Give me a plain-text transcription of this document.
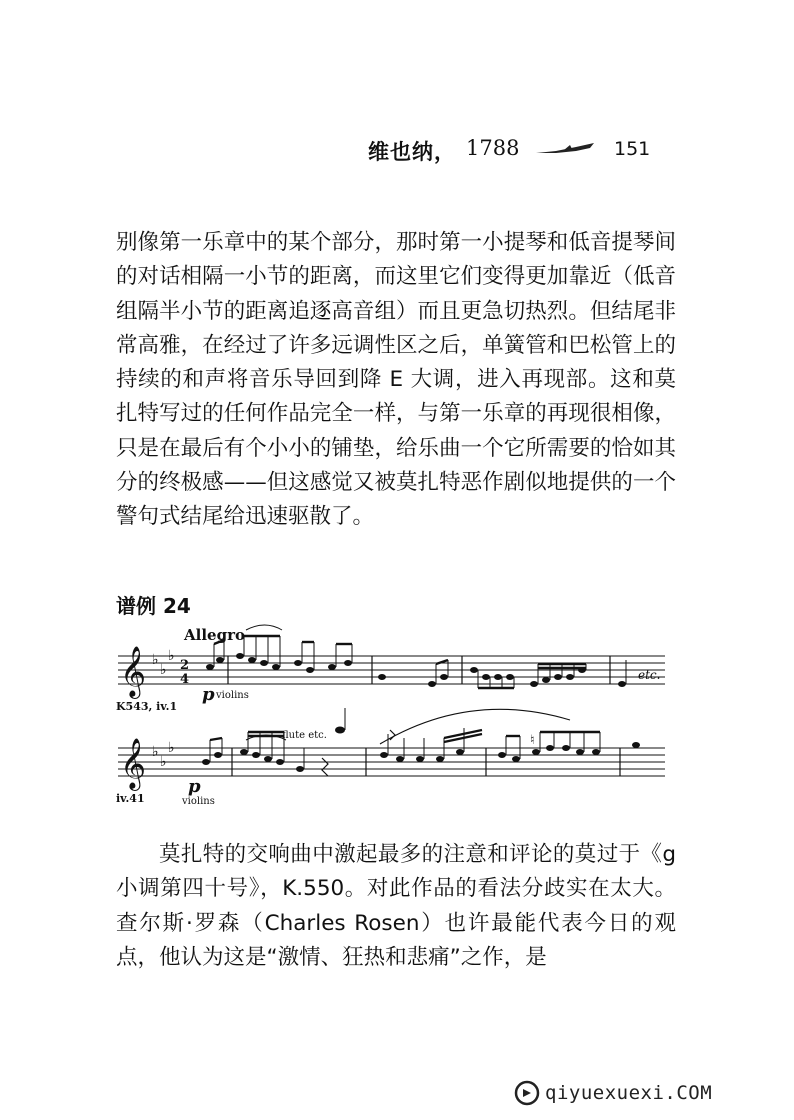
维也纳， 1788	151

别像第一乐章中的某个部分，那时第一小提琴和低音提琴间的对话相隔一小节的距离，而这里它们变得更加靠近（低音组隔半小节的距离追逐高音组）而且更急切热烈。但结尾非常高雅，在经过了许多远调性区之后，单簧管和巴松管上的持续的和声将音乐导回到降 E 大调，进入再现部。这和莫扎特写过的任何作品完全一样，与第一乐章的再现很相像，只是在最后有个小小的铺垫，给乐曲一个它所需要的恰如其分的终极感——但这感觉又被莫扎特恶作剧似地提供的一个警句式结尾给迅速驱散了。

谱例 24
𝄞
𝄞
♭
♭
♭
♭
♭
♭
2
4
♮
Allegro
p violins
K543, iv.1
etc.
flute etc.
iv.41
p
violins

莫扎特的交响曲中激起最多的注意和评论的莫过于《g 小调第四十号》，K.550。对此作品的看法分歧实在太大。查尔斯·罗森（Charles Rosen）也许最能代表今日的观点，他认为这是“激情、狂热和悲痛”之作，是

qiyuexuexi.COM
